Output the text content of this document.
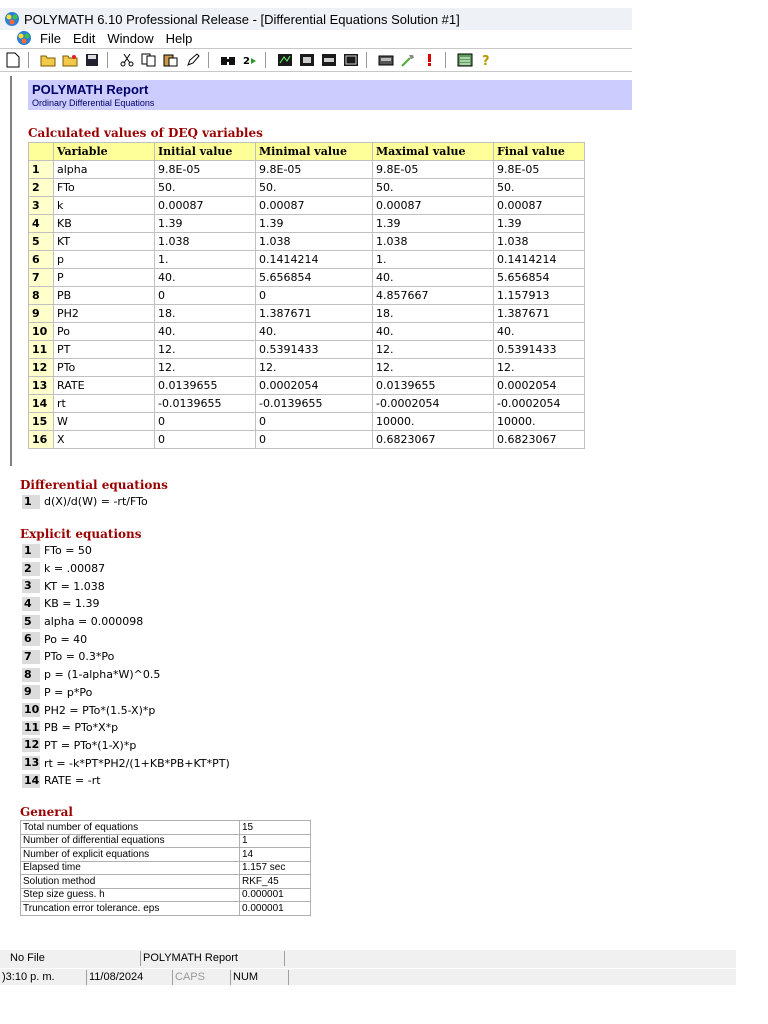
POLYMATH 6.10 Professional Release - [Differential Equations Solution #1]
File Edit Window Help
2	?
POLYMATH Report
Ordinary Differential Equations
Calculated values of DEQ variables
	Variable	Initial value	Minimal value	Maximal value	Final value
1	alpha	9.8E-05	9.8E-05	9.8E-05	9.8E-05
2	FTo	50.	50.	50.	50.
3	k	0.00087	0.00087	0.00087	0.00087
4	KB	1.39	1.39	1.39	1.39
5	KT	1.038	1.038	1.038	1.038
6	p	1.	0.1414214	1.	0.1414214
7	P	40.	5.656854	40.	5.656854
8	PB	0	0	4.857667	1.157913
9	PH2	18.	1.387671	18.	1.387671
10	Po	40.	40.	40.	40.
11	PT	12.	0.5391433	12.	0.5391433
12	PTo	12.	12.	12.	12.
13	RATE	0.0139655	0.0002054	0.0139655	0.0002054
14	rt	-0.0139655	-0.0139655	-0.0002054	-0.0002054
15	W	0	0	10000.	10000.
16	X	0	0	0.6823067	0.6823067
Differential equations
1	d(X)/d(W) = -rt/FTo
Explicit equations
1	FTo = 50
2	k = .00087
3	KT = 1.038
4	KB = 1.39
5	alpha = 0.000098
6	Po = 40
7	PTo = 0.3*Po
8	p = (1-alpha*W)^0.5
9	P = p*Po
10 PH2 = PTo*(1.5-X)*p
11 PB = PTo*X*p
12 PT = PTo*(1-X)*p
13 rt = -k*PT*PH2/(1+KB*PB+KT*PT)
14 RATE = -rt
General
Total number of equations	15
Number of differential equations	1
Number of explicit equations	14
Elapsed time	1.157 sec
Solution method	RKF_45
Step size guess. h	0.000001
Truncation error tolerance. eps	0.000001
No File	POLYMATH Report
)3:10 p. m.	11/08/2024	CAPS	NUM
